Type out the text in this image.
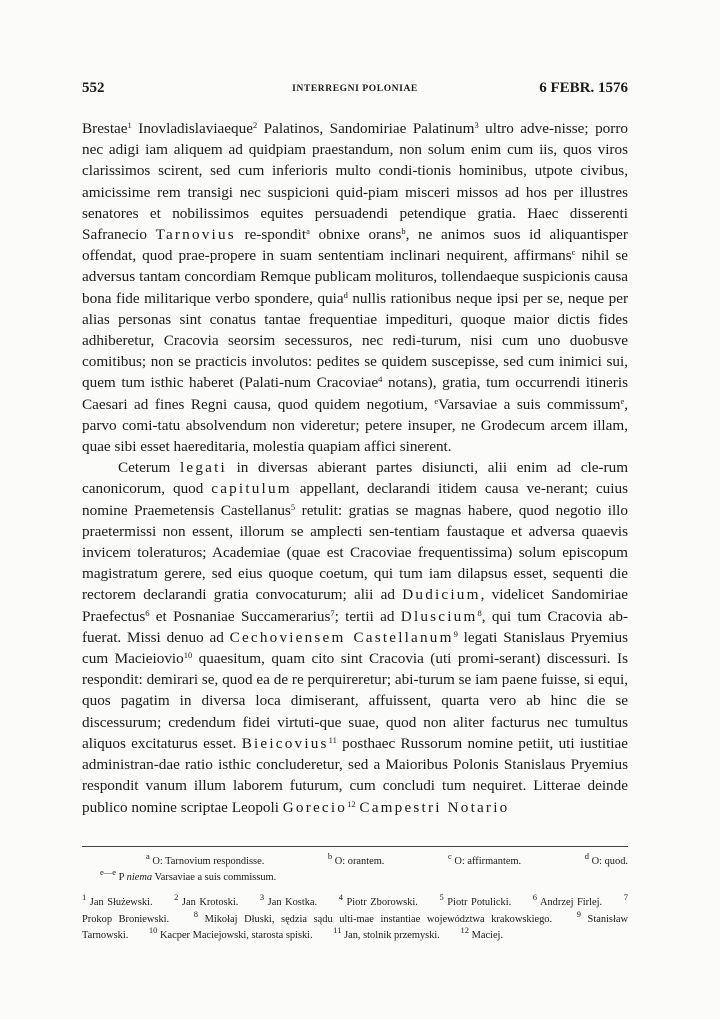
552	INTERREGNI POLONIAE	6 FEBR. 1576

Brestae$^1$ Inovladislaviaeque$^2$ Palatinos, Sandomiriae Palatinum$^3$ ultro adve-nisse; porro nec adigi iam aliquem ad quidpiam praestandum, non solum enim cum iis, quos viros clarissimos scirent, sed cum inferioris multo condi-tionis hominibus, utpote civibus, amicissime rem transigi nec suspicioni quid-piam misceri missos ad hos per illustres senatores et nobilissimos equites persuadendi petendique gratia. Haec disserenti Safranecio Tarnovius re-spondit$^a$ obnixe orans$^b$, ne animos suos id aliquantisper offendat, quod prae-propere in suam sententiam inclinari nequirent, affirmans$^c$ nihil se adversus tantam concordiam Remque publicam molituros, tollendaeque suspicionis causa bona fide militarique verbo spondere, quia$^d$ nullis rationibus neque ipsi per se, neque per alias personas sint conatus tantae frequentiae impedituri, quoque maior dictis fides adhiberetur, Cracovia seorsim secessuros, nec redi-turum, nisi cum uno duobusve comitibus; non se practicis involutos: pedites se quidem suscepisse, sed cum inimici sui, quem tum isthic haberet (Palati-num Cracoviae$^4$ notans), gratia, tum occurrendi itineris Caesari ad fines Regni causa, quod quidem negotium, $^e$Varsaviae a suis commissum$^e$, parvo comi-tatu absolvendum non videretur; petere insuper, ne Grodecum arcem illam, quae sibi esset haereditaria, molestia quapiam affici sinerent.

Ceterum legati in diversas abierant partes disiuncti, alii enim ad cle-rum canonicorum, quod capitulum appellant, declarandi itidem causa ve-nerant; cuius nomine Praemetensis Castellanus$^5$ retulit: gratias se magnas habere, quod negotio illo praetermissi non essent, illorum se amplecti sen-tentiam faustaque et adversa quaevis invicem toleraturos; Academiae (quae est Cracoviae frequentissima) solum episcopum magistratum gerere, sed eius quoque coetum, qui tum iam dilapsus esset, sequenti die rectorem declarandi gratia convocaturum; alii ad Dudicium, videlicet Sandomiriae Praefectus$^6$ et Posnaniae Succamerarius$^7$; tertii ad Dluscium$^8$, qui tum Cracovia ab-fuerat. Missi denuo ad Cechoviensem Castellanum$^9$ legati Stanislaus Pryemius cum Macieiovio$^{10}$ quaesitum, quam cito sint Cracovia (uti promi-serant) discessuri. Is respondit: demirari se, quod ea de re perquireretur; abi-turum se iam paene fuisse, si equi, quos pagatim in diversa loca dimiserant, affuissent, quarta vero ab hinc die se discessurum; credendum fidei virtuti-que suae, quod non aliter facturus nec tumultus aliquos excitaturus esset. Bieicovius$^{11}$ posthaec Russorum nomine petiit, uti iustitiae administran-dae ratio isthic concluderetur, sed a Maioribus Polonis Stanislaus Pryemius respondit vanum illum laborem futurum, cum concludi tum nequiret. Litterae deinde publico nomine scriptae Leopoli Gorecio$^{12}$ Campestri Notario

$^a$ O: Tarnovium respondisse.	$^b$ O: orantem.	$^c$ O: affirmantem.	$^d$ O: quod.
$^{e—e}$ P niema Varsaviae a suis commissum.
$^1$ Jan Służewski.	$^2$ Jan Krotoski.	$^3$ Jan Kostka.	$^4$ Piotr Zborowski.	$^5$ Piotr Potulicki.	$^6$ Andrzej Firlej.	$^7$ Prokop Broniewski.	$^8$ Mikołaj Dłuski, sędzia sądu ulti-mae instantiae województwa krakowskiego.	$^9$ Stanisław Tarnowski. $^{10}$ Kacper Maciejowski, starosta spiski. $^{11}$ Jan, stolnik przemyski. $^{12}$ Maciej.
